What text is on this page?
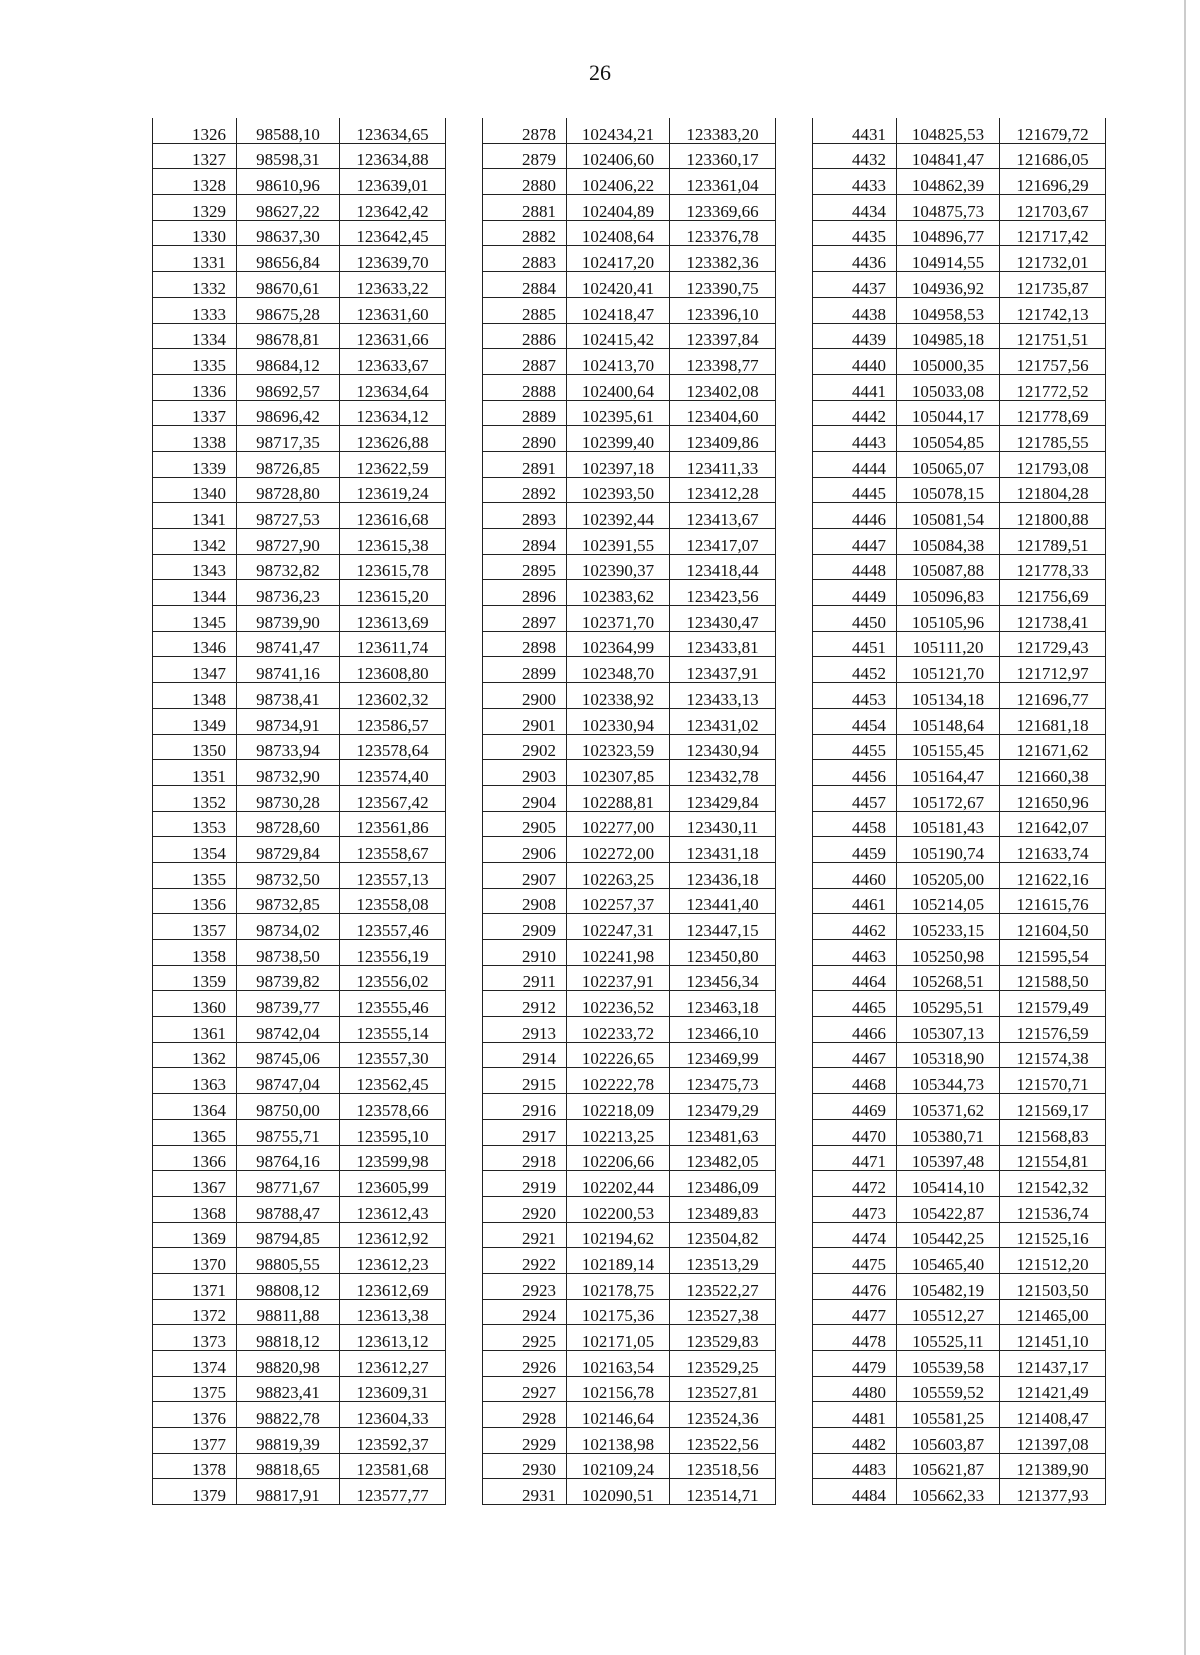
26
1326	98588,10	123634,65
1327	98598,31	123634,88
1328	98610,96	123639,01
1329	98627,22	123642,42
1330	98637,30	123642,45
1331	98656,84	123639,70
1332	98670,61	123633,22
1333	98675,28	123631,60
1334	98678,81	123631,66
1335	98684,12	123633,67
1336	98692,57	123634,64
1337	98696,42	123634,12
1338	98717,35	123626,88
1339	98726,85	123622,59
1340	98728,80	123619,24
1341	98727,53	123616,68
1342	98727,90	123615,38
1343	98732,82	123615,78
1344	98736,23	123615,20
1345	98739,90	123613,69
1346	98741,47	123611,74
1347	98741,16	123608,80
1348	98738,41	123602,32
1349	98734,91	123586,57
1350	98733,94	123578,64
1351	98732,90	123574,40
1352	98730,28	123567,42
1353	98728,60	123561,86
1354	98729,84	123558,67
1355	98732,50	123557,13
1356	98732,85	123558,08
1357	98734,02	123557,46
1358	98738,50	123556,19
1359	98739,82	123556,02
1360	98739,77	123555,46
1361	98742,04	123555,14
1362	98745,06	123557,30
1363	98747,04	123562,45
1364	98750,00	123578,66
1365	98755,71	123595,10
1366	98764,16	123599,98
1367	98771,67	123605,99
1368	98788,47	123612,43
1369	98794,85	123612,92
1370	98805,55	123612,23
1371	98808,12	123612,69
1372	98811,88	123613,38
1373	98818,12	123613,12
1374	98820,98	123612,27
1375	98823,41	123609,31
1376	98822,78	123604,33
1377	98819,39	123592,37
1378	98818,65	123581,68
1379	98817,91	123577,77
2878	102434,21	123383,20
2879	102406,60	123360,17
2880	102406,22	123361,04
2881	102404,89	123369,66
2882	102408,64	123376,78
2883	102417,20	123382,36
2884	102420,41	123390,75
2885	102418,47	123396,10
2886	102415,42	123397,84
2887	102413,70	123398,77
2888	102400,64	123402,08
2889	102395,61	123404,60
2890	102399,40	123409,86
2891	102397,18	123411,33
2892	102393,50	123412,28
2893	102392,44	123413,67
2894	102391,55	123417,07
2895	102390,37	123418,44
2896	102383,62	123423,56
2897	102371,70	123430,47
2898	102364,99	123433,81
2899	102348,70	123437,91
2900	102338,92	123433,13
2901	102330,94	123431,02
2902	102323,59	123430,94
2903	102307,85	123432,78
2904	102288,81	123429,84
2905	102277,00	123430,11
2906	102272,00	123431,18
2907	102263,25	123436,18
2908	102257,37	123441,40
2909	102247,31	123447,15
2910	102241,98	123450,80
2911	102237,91	123456,34
2912	102236,52	123463,18
2913	102233,72	123466,10
2914	102226,65	123469,99
2915	102222,78	123475,73
2916	102218,09	123479,29
2917	102213,25	123481,63
2918	102206,66	123482,05
2919	102202,44	123486,09
2920	102200,53	123489,83
2921	102194,62	123504,82
2922	102189,14	123513,29
2923	102178,75	123522,27
2924	102175,36	123527,38
2925	102171,05	123529,83
2926	102163,54	123529,25
2927	102156,78	123527,81
2928	102146,64	123524,36
2929	102138,98	123522,56
2930	102109,24	123518,56
2931	102090,51	123514,71
4431	104825,53	121679,72
4432	104841,47	121686,05
4433	104862,39	121696,29
4434	104875,73	121703,67
4435	104896,77	121717,42
4436	104914,55	121732,01
4437	104936,92	121735,87
4438	104958,53	121742,13
4439	104985,18	121751,51
4440	105000,35	121757,56
4441	105033,08	121772,52
4442	105044,17	121778,69
4443	105054,85	121785,55
4444	105065,07	121793,08
4445	105078,15	121804,28
4446	105081,54	121800,88
4447	105084,38	121789,51
4448	105087,88	121778,33
4449	105096,83	121756,69
4450	105105,96	121738,41
4451	105111,20	121729,43
4452	105121,70	121712,97
4453	105134,18	121696,77
4454	105148,64	121681,18
4455	105155,45	121671,62
4456	105164,47	121660,38
4457	105172,67	121650,96
4458	105181,43	121642,07
4459	105190,74	121633,74
4460	105205,00	121622,16
4461	105214,05	121615,76
4462	105233,15	121604,50
4463	105250,98	121595,54
4464	105268,51	121588,50
4465	105295,51	121579,49
4466	105307,13	121576,59
4467	105318,90	121574,38
4468	105344,73	121570,71
4469	105371,62	121569,17
4470	105380,71	121568,83
4471	105397,48	121554,81
4472	105414,10	121542,32
4473	105422,87	121536,74
4474	105442,25	121525,16
4475	105465,40	121512,20
4476	105482,19	121503,50
4477	105512,27	121465,00
4478	105525,11	121451,10
4479	105539,58	121437,17
4480	105559,52	121421,49
4481	105581,25	121408,47
4482	105603,87	121397,08
4483	105621,87	121389,90
4484	105662,33	121377,93
